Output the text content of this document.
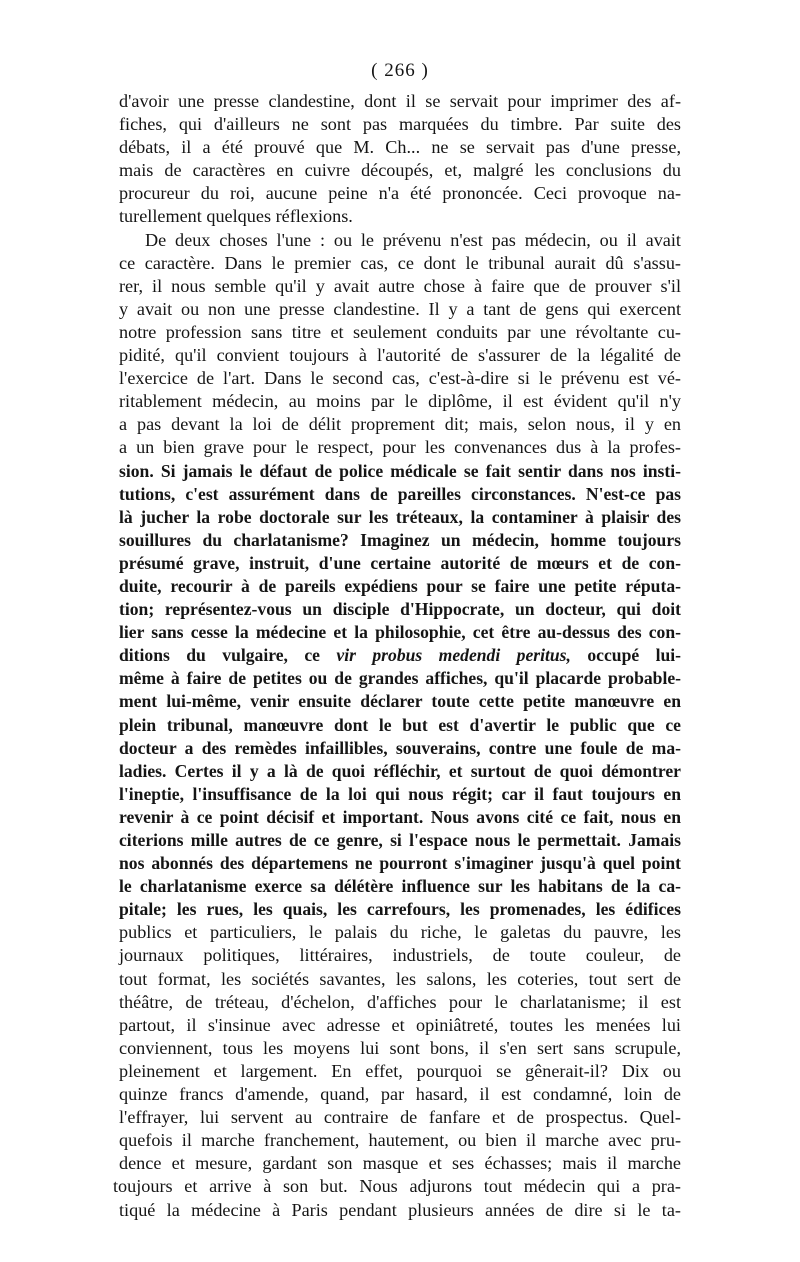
( 266 )
d'avoir une presse clandestine, dont il se servait pour imprimer des af-
fiches, qui d'ailleurs ne sont pas marquées du timbre. Par suite des
débats, il a été prouvé que M. Ch... ne se servait pas d'une presse,
mais de caractères en cuivre découpés, et, malgré les conclusions du
procureur du roi, aucune peine n'a été prononcée. Ceci provoque na-
turellement quelques réflexions.
De deux choses l'une : ou le prévenu n'est pas médecin, ou il avait
ce caractère. Dans le premier cas, ce dont le tribunal aurait dû s'assu-
rer, il nous semble qu'il y avait autre chose à faire que de prouver s'il
y avait ou non une presse clandestine. Il y a tant de gens qui exercent
notre profession sans titre et seulement conduits par une révoltante cu-
pidité, qu'il convient toujours à l'autorité de s'assurer de la légalité de
l'exercice de l'art. Dans le second cas, c'est-à-dire si le prévenu est vé-
ritablement médecin, au moins par le diplôme, il est évident qu'il n'y
a pas devant la loi de délit proprement dit; mais, selon nous, il y en
a un bien grave pour le respect, pour les convenances dus à la profes-
sion. Si jamais le défaut de police médicale se fait sentir dans nos insti-
tutions, c'est assurément dans de pareilles circonstances. N'est-ce pas
là jucher la robe doctorale sur les tréteaux, la contaminer à plaisir des
souillures du charlatanisme? Imaginez un médecin, homme toujours
présumé grave, instruit, d'une certaine autorité de mœurs et de con-
duite, recourir à de pareils expédiens pour se faire une petite réputa-
tion; représentez-vous un disciple d'Hippocrate, un docteur, qui doit
lier sans cesse la médecine et la philosophie, cet être au-dessus des con-
ditions du vulgaire, ce vir probus medendi peritus, occupé lui-
même à faire de petites ou de grandes affiches, qu'il placarde probable-
ment lui-même, venir ensuite déclarer toute cette petite manœuvre en
plein tribunal, manœuvre dont le but est d'avertir le public que ce
docteur a des remèdes infaillibles, souverains, contre une foule de ma-
ladies. Certes il y a là de quoi réfléchir, et surtout de quoi démontrer
l'ineptie, l'insuffisance de la loi qui nous régit; car il faut toujours en
revenir à ce point décisif et important. Nous avons cité ce fait, nous en
citerions mille autres de ce genre, si l'espace nous le permettait. Jamais
nos abonnés des départemens ne pourront s'imaginer jusqu'à quel point
le charlatanisme exerce sa délétère influence sur les habitans de la ca-
pitale; les rues, les quais, les carrefours, les promenades, les édifices
publics et particuliers, le palais du riche, le galetas du pauvre, les
journaux politiques, littéraires, industriels, de toute couleur, de
tout format, les sociétés savantes, les salons, les coteries, tout sert de
théâtre, de tréteau, d'échelon, d'affiches pour le charlatanisme; il est
partout, il s'insinue avec adresse et opiniâtreté, toutes les menées lui
conviennent, tous les moyens lui sont bons, il s'en sert sans scrupule,
pleinement et largement. En effet, pourquoi se gênerait-il? Dix ou
quinze francs d'amende, quand, par hasard, il est condamné, loin de
l'effrayer, lui servent au contraire de fanfare et de prospectus. Quel-
quefois il marche franchement, hautement, ou bien il marche avec pru-
dence et mesure, gardant son masque et ses échasses; mais il marche
toujours et arrive à son but. Nous adjurons tout médecin qui a pra-
tiqué la médecine à Paris pendant plusieurs années de dire si le ta-
